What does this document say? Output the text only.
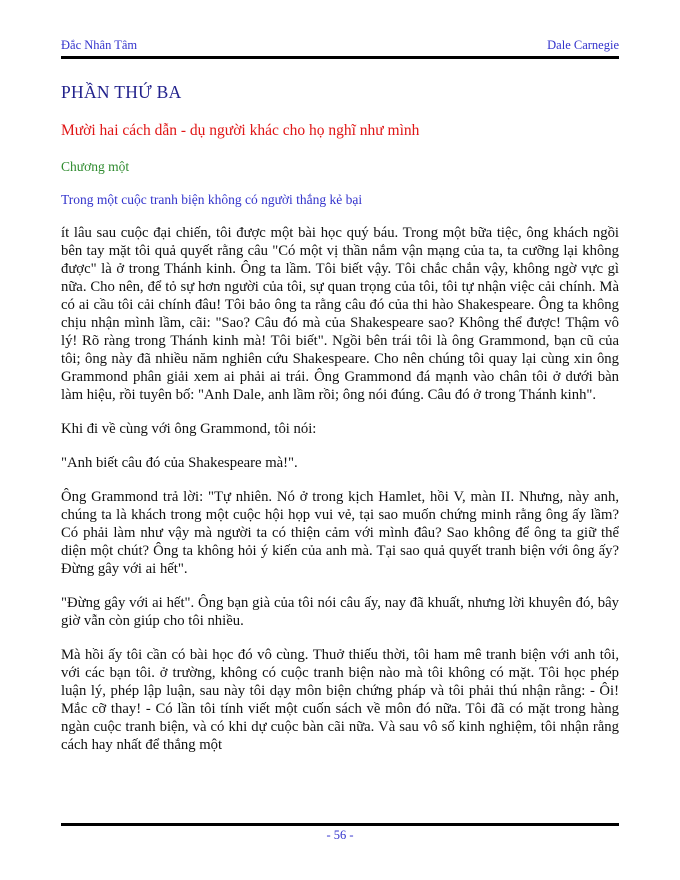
Đắc Nhân Tâm	Dale Carnegie
PHẦN THỨ BA
Mười hai cách dẫn - dụ người khác cho họ nghĩ như mình
Chương một
Trong một cuộc tranh biện không có người thắng kẻ bại

ít lâu sau cuộc đại chiến, tôi được một bài học quý báu. Trong một bữa tiệc, ông khách ngồi bên tay mặt tôi quả quyết rằng câu "Có một vị thần nắm vận mạng của ta, ta cưỡng lại không được" là ở trong Thánh kinh. Ông ta lầm. Tôi biết vậy. Tôi chắc chắn vậy, không ngờ vực gì nữa. Cho nên, để tỏ sự hơn người của tôi, sự quan trọng của tôi, tôi tự nhận việc cải chính. Mà có ai cầu tôi cải chính đâu! Tôi bảo ông ta rằng câu đó của thi hào Shakespeare. Ông ta không chịu nhận mình lầm, cãi: "Sao? Câu đó mà của Shakespeare sao? Không thể được! Thậm vô lý! Rõ ràng trong Thánh kinh mà! Tôi biết". Ngồi bên trái tôi là ông Grammond, bạn cũ của tôi; ông này đã nhiều năm nghiên cứu Shakespeare. Cho nên chúng tôi quay lại cùng xin ông Grammond phân giải xem ai phải ai trái. Ông Grammond đá mạnh vào chân tôi ở dưới bàn làm hiệu, rồi tuyên bố: "Anh Dale, anh lầm rồi; ông nói đúng. Câu đó ở trong Thánh kinh".

Khi đi về cùng với ông Grammond, tôi nói:

"Anh biết câu đó của Shakespeare mà!".

Ông Grammond trả lời: "Tự nhiên. Nó ở trong kịch Hamlet, hồi V, màn II. Nhưng, này anh, chúng ta là khách trong một cuộc hội họp vui vẻ, tại sao muốn chứng minh rằng ông ấy lầm? Có phải làm như vậy mà người ta có thiện cảm với mình đâu? Sao không để ông ta giữ thể diện một chút? Ông ta không hỏi ý kiến của anh mà. Tại sao quả quyết tranh biện với ông ấy? Đừng gây với ai hết".

"Đừng gây với ai hết". Ông bạn già của tôi nói câu ấy, nay đã khuất, nhưng lời khuyên đó, bây giờ vẫn còn giúp cho tôi nhiều.

Mà hồi ấy tôi cần có bài học đó vô cùng. Thuở thiếu thời, tôi ham mê tranh biện với anh tôi, với các bạn tôi. ở trường, không có cuộc tranh biện nào mà tôi không có mặt. Tôi học phép luận lý, phép lập luận, sau này tôi dạy môn biện chứng pháp và tôi phải thú nhận rằng: - Ôi! Mắc cỡ thay! - Có lần tôi tính viết một cuốn sách về môn đó nữa. Tôi đã có mặt trong hàng ngàn cuộc tranh biện, và có khi dự cuộc bàn cãi nữa. Và sau vô số kinh nghiệm, tôi nhận rằng cách hay nhất để thắng một

- 56 -
